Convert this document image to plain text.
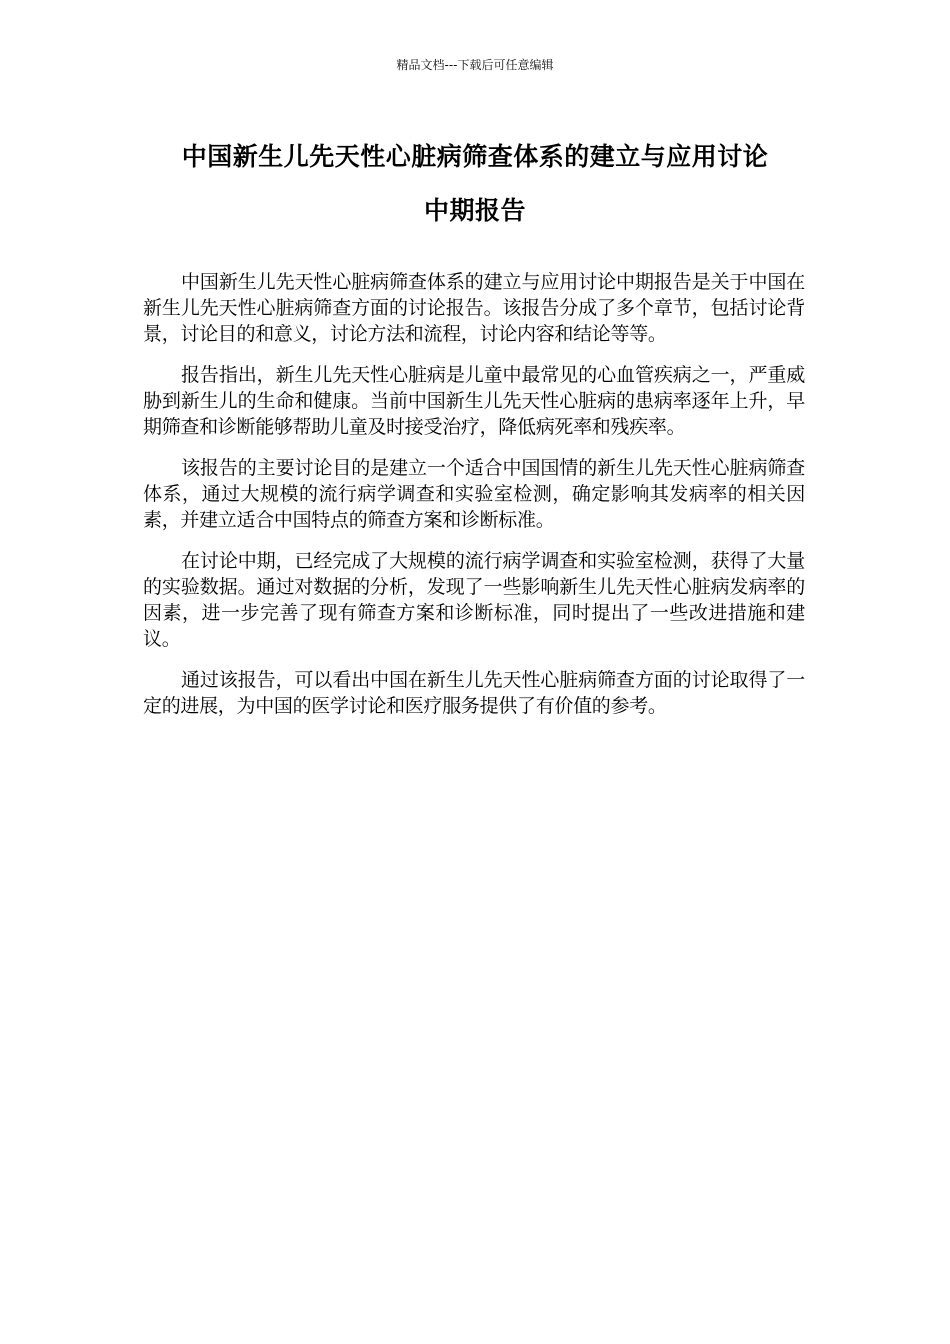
精品文档---下载后可任意编辑
中国新生儿先天性心脏病筛查体系的建立与应用讨论
中期报告

中国新生儿先天性心脏病筛查体系的建立与应用讨论中期报告是关于中国在新生儿先天性心脏病筛查方面的讨论报告。该报告分成了多个章节，包括讨论背景，讨论目的和意义，讨论方法和流程，讨论内容和结论等等。

报告指出，新生儿先天性心脏病是儿童中最常见的心血管疾病之一，严重威胁到新生儿的生命和健康。当前中国新生儿先天性心脏病的患病率逐年上升，早期筛查和诊断能够帮助儿童及时接受治疗，降低病死率和残疾率。

该报告的主要讨论目的是建立一个适合中国国情的新生儿先天性心脏病筛查体系，通过大规模的流行病学调查和实验室检测，确定影响其发病率的相关因素，并建立适合中国特点的筛查方案和诊断标准。

在讨论中期，已经完成了大规模的流行病学调查和实验室检测，获得了大量的实验数据。通过对数据的分析，发现了一些影响新生儿先天性心脏病发病率的因素，进一步完善了现有筛查方案和诊断标准，同时提出了一些改进措施和建议。

通过该报告，可以看出中国在新生儿先天性心脏病筛查方面的讨论取得了一定的进展，为中国的医学讨论和医疗服务提供了有价值的参考。
